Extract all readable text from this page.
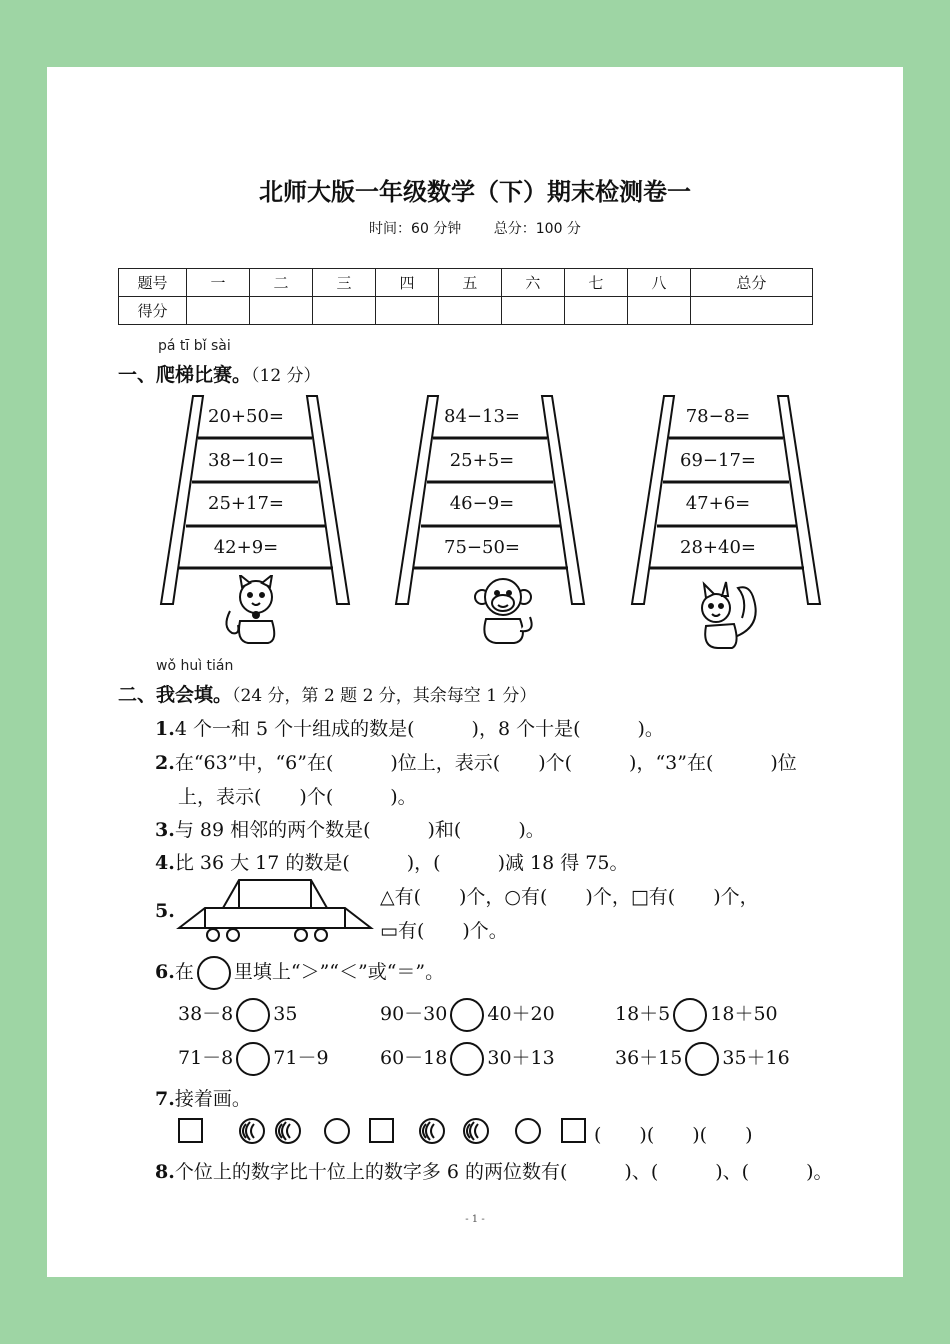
北师大版一年级数学（下）期末检测卷一
时间：60 分钟 总分：100 分
题号	一	二	三	四	五	六	七	八	总分
得分									
pá tī bǐ sài
一、爬梯比赛。（12 分）
20+50=
38−10=
25+17=
42+9=
84−13=
25+5=
46−9=
75−50=
78−8=
69−17=
47+6=
28+40=
wǒ huì tián
二、我会填。（24 分，第 2 题 2 分，其余每空 1 分）
1.4 个一和 5 个十组成的数是(　　　)，8 个十是(　　　)。
2.在“63”中，“6”在(　　　)位上，表示(　　)个(　　　)，“3”在(　　　)位
上，表示(　　)个(　　　)。
3.与 89 相邻的两个数是(　　　)和(　　　)。
4.比 36 大 17 的数是(　　　)，(　　　)减 18 得 75。
5.
△有(　　)个，○有(　　)个，□有(　　)个，
▭有(　　)个。
6.在 里填上“＞”“＜”或“＝”。
38－8 35	90－30 40＋20	18＋5 18＋50
71－8 71－9	60－18 30＋13	36＋15 35＋16
7.接着画。
(　　)(　　)(　　)
8.个位上的数字比十位上的数字多 6 的两位数有(　　　)、(　　　)、(　　　)。
- 1 -
